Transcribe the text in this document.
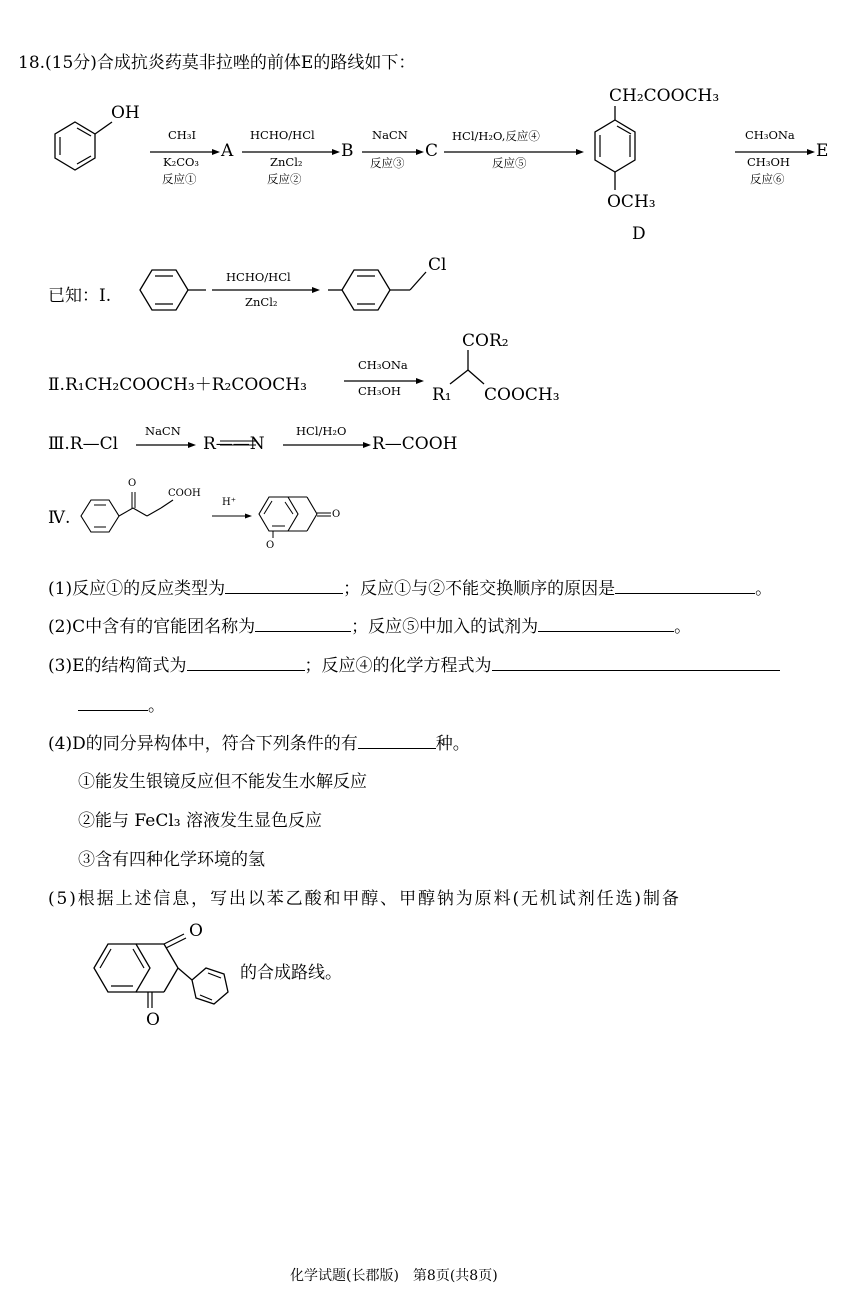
18.(15分)合成抗炎药莫非拉唑的前体E的路线如下：
OH
CH₃I
K₂CO₃
反应①
A
HCHO/HCl
ZnCl₂
反应②
B
NaCN
反应③
C
HCl/H₂O,反应④
反应⑤
CH₂COOCH₃
OCH₃
D
CH₃ONa
CH₃OH
反应⑥
E
已知：Ⅰ.
HCHO/HCl
ZnCl₂
Cl
Ⅱ.R₁CH₂COOCH₃＋R₂COOCH₃
CH₃ONa
CH₃OH
COR₂
R₁ COOCH₃
Ⅲ.R—Cl
NaCN
R——N
HCl/H₂O
R—COOH
Ⅳ.
O
COOH
H⁺
O
O
(1)反应①的反应类型为	；反应①与②不能交换顺序的原因是	。
(2)C中含有的官能团名称为	；反应⑤中加入的试剂为	。
(3)E的结构简式为	；反应④的化学方程式为
。
(4)D的同分异构体中，符合下列条件的有	种。
①能发生银镜反应但不能发生水解反应
②能与 FeCl₃ 溶液发生显色反应
③含有四种化学环境的氢
(5)根据上述信息，写出以苯乙酸和甲醇、甲醇钠为原料(无机试剂任选)制备
O
O
的合成路线。
化学试题(长郡版)　第8页(共8页)
